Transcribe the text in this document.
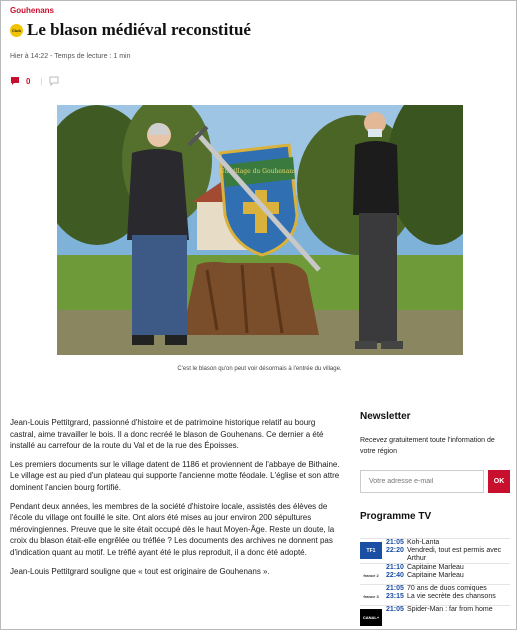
Gouhenans
Club Le blason médiéval reconstitué
Hier à 14:22 - Temps de lecture : 1 min
0 |
Un village du Gouhenans
C'est le blason qu'on peut voir désormais à l'entrée du village.

Jean-Louis Pettitgrard, passionné d'histoire et de patrimoine historique relatif au bourg castral, aime travailler le bois. Il a donc recréé le blason de Gouhenans. Ce dernier a été installé au carrefour de la route du Val et de la rue des Époisses.

Les premiers documents sur le village datent de 1186 et proviennent de l'abbaye de Bithaine. Le village est au pied d'un plateau qui supporte l'ancienne motte féodale. L'église et son attre dominent l'ancien bourg fortifié.

Pendant deux années, les membres de la société d'histoire locale, assistés des élèves de l'école du village ont fouillé le site. Ont alors été mises au jour environ 200 sépultures mérovingiennes. Preuve que le site était occupé dès le haut Moyen-Âge. Reste un doute, la croix du blason était-elle engrêlée ou tréflée ? Les documents des archives ne donnent pas d'indication quant au motif. Le tréflé ayant été le plus reproduit, il a donc été adopté.

Jean-Louis Pettitgrard souligne que « tout est originaire de Gouhenans ».

Newsletter
Recevez gratuitement toute l'information de votre région
Votre adresse e-mail
OK
Programme TV
TF1
21:05 Koh-Lanta
22:20 Vendredi, tout est permis avec Arthur
france 2
21:10 Capitaine Marleau
22:40 Capitaine Marleau
france 3
21:05 70 ans de duos comiques
23:15 La vie secrète des chansons
CANAL+
21:05 Spider-Man : far from home
